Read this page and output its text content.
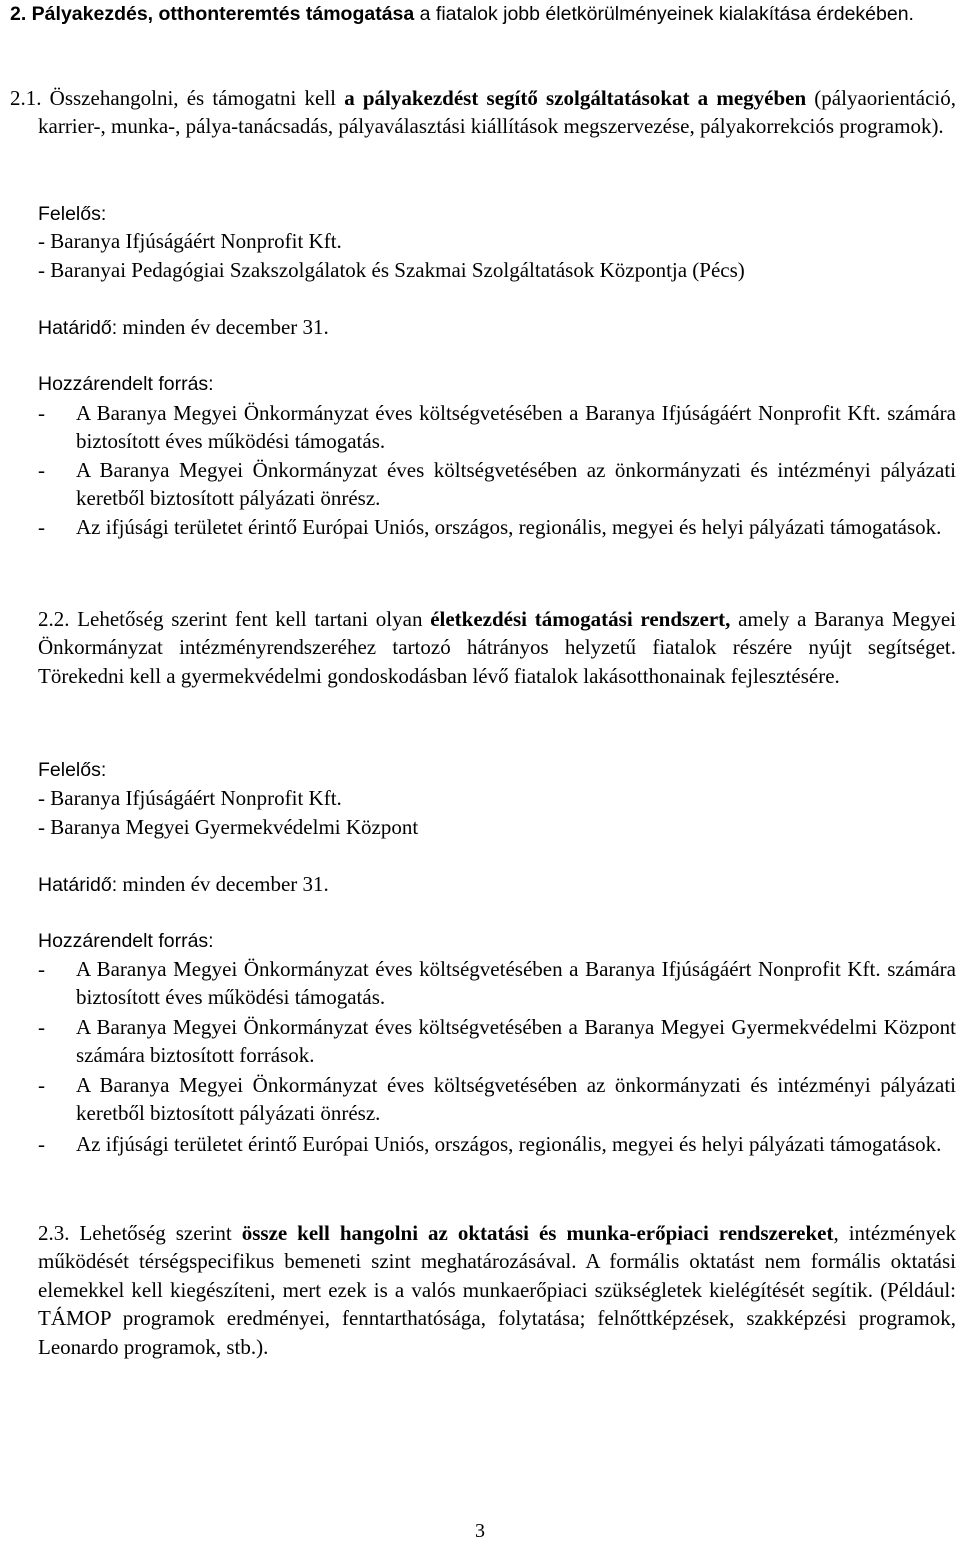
2. Pályakezdés, otthonteremtés támogatása a fiatalok jobb életkörülményeinek kialakítása érdekében.
2.1. Összehangolni, és támogatni kell a pályakezdést segítő szolgáltatásokat a megyében (pályaorientáció, karrier-, munka-, pálya-tanácsadás, pályaválasztási kiállítások megszervezése, pályakorrekciós programok).
Felelős:
- Baranya Ifjúságáért Nonprofit Kft.
- Baranyai Pedagógiai Szakszolgálatok és Szakmai Szolgáltatások Központja (Pécs)
Határidő: minden év december 31.
Hozzárendelt forrás:
- A Baranya Megyei Önkormányzat éves költségvetésében a Baranya Ifjúságáért Nonprofit Kft. számára biztosított éves működési támogatás.
- A Baranya Megyei Önkormányzat éves költségvetésében az önkormányzati és intézményi pályázati keretből biztosított pályázati önrész.
- Az ifjúsági területet érintő Európai Uniós, országos, regionális, megyei és helyi pályázati támogatások.
2.2. Lehetőség szerint fent kell tartani olyan életkezdési támogatási rendszert, amely a Baranya Megyei Önkormányzat intézményrendszeréhez tartozó hátrányos helyzetű fiatalok részére nyújt segítséget. Törekedni kell a gyermekvédelmi gondoskodásban lévő fiatalok lakásotthonainak fejlesztésére.
Felelős:
- Baranya Ifjúságáért Nonprofit Kft.
- Baranya Megyei Gyermekvédelmi Központ
Határidő: minden év december 31.
Hozzárendelt forrás:
- A Baranya Megyei Önkormányzat éves költségvetésében a Baranya Ifjúságáért Nonprofit Kft. számára biztosított éves működési támogatás.
- A Baranya Megyei Önkormányzat éves költségvetésében a Baranya Megyei Gyermekvédelmi Központ számára biztosított források.
- A Baranya Megyei Önkormányzat éves költségvetésében az önkormányzati és intézményi pályázati keretből biztosított pályázati önrész.
- Az ifjúsági területet érintő Európai Uniós, országos, regionális, megyei és helyi pályázati támogatások.
2.3. Lehetőség szerint össze kell hangolni az oktatási és munka-erőpiaci rendszereket, intézmények működését térségspecifikus bemeneti szint meghatározásával. A formális oktatást nem formális oktatási elemekkel kell kiegészíteni, mert ezek is a valós munkaerőpiaci szükségletek kielégítését segítik. (Például: TÁMOP programok eredményei, fenntarthatósága, folytatása; felnőttképzések, szakképzési programok, Leonardo programok, stb.).
3
